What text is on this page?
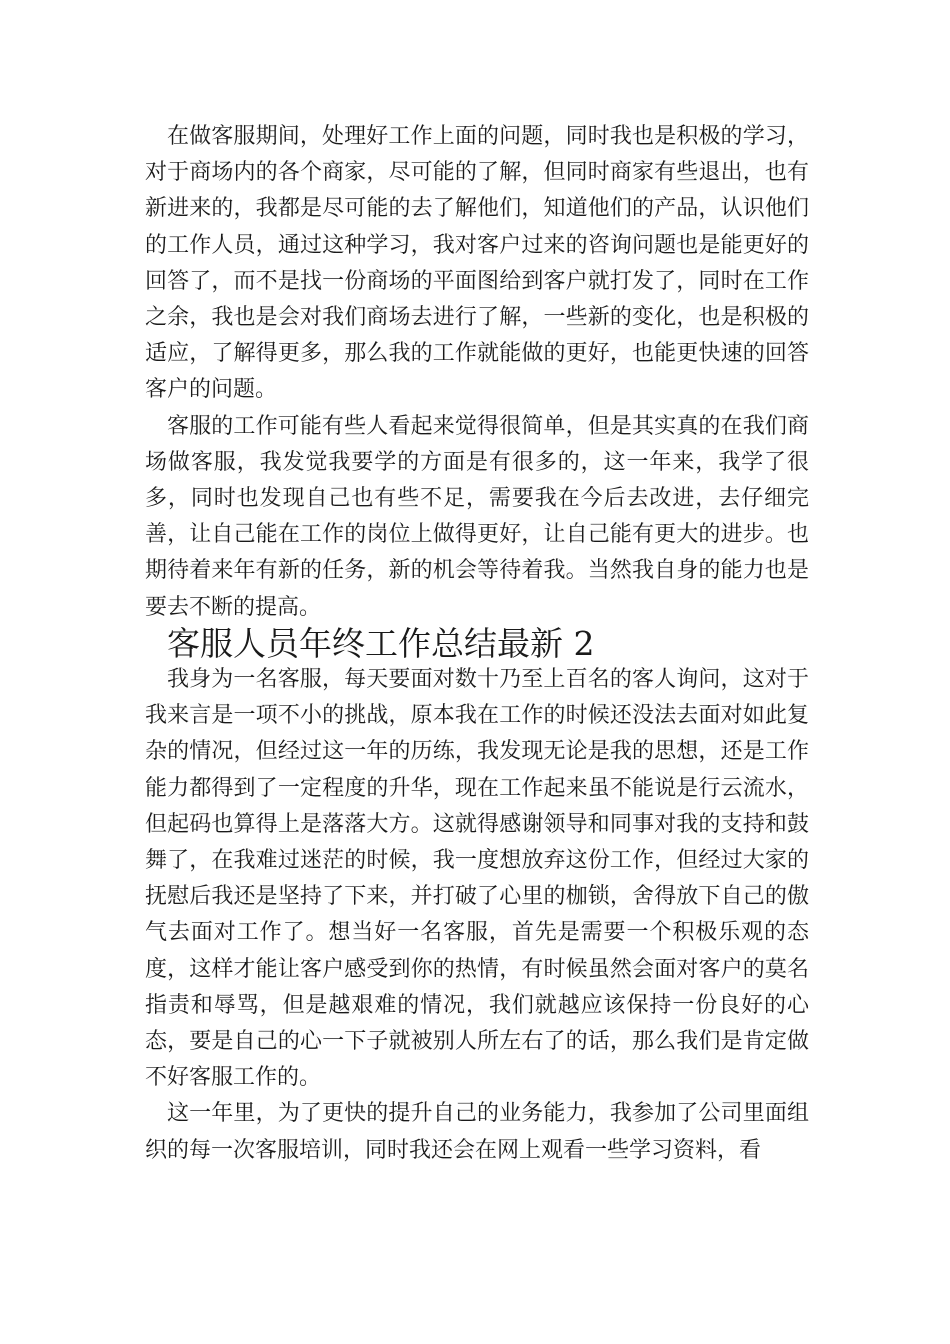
在做客服期间，处理好工作上面的问题，同时我也是积极的学习，对于商场内的各个商家，尽可能的了解，但同时商家有些退出，也有新进来的，我都是尽可能的去了解他们，知道他们的产品，认识他们的工作人员，通过这种学习，我对客户过来的咨询问题也是能更好的回答了，而不是找一份商场的平面图给到客户就打发了，同时在工作之余，我也是会对我们商场去进行了解，一些新的变化，也是积极的适应，了解得更多，那么我的工作就能做的更好，也能更快速的回答客户的问题。

客服的工作可能有些人看起来觉得很简单，但是其实真的在我们商场做客服，我发觉我要学的方面是有很多的，这一年来，我学了很多，同时也发现自己也有些不足，需要我在今后去改进，去仔细完善，让自己能在工作的岗位上做得更好，让自己能有更大的进步。也期待着来年有新的任务，新的机会等待着我。当然我自身的能力也是要去不断的提高。

客服人员年终工作总结最新 2

我身为一名客服，每天要面对数十乃至上百名的客人询问，这对于我来言是一项不小的挑战，原本我在工作的时候还没法去面对如此复杂的情况，但经过这一年的历练，我发现无论是我的思想，还是工作能力都得到了一定程度的升华，现在工作起来虽不能说是行云流水，但起码也算得上是落落大方。这就得感谢领导和同事对我的支持和鼓舞了，在我难过迷茫的时候，我一度想放弃这份工作，但经过大家的抚慰后我还是坚持了下来，并打破了心里的枷锁，舍得放下自己的傲气去面对工作了。想当好一名客服，首先是需要一个积极乐观的态度，这样才能让客户感受到你的热情，有时候虽然会面对客户的莫名指责和辱骂，但是越艰难的情况，我们就越应该保持一份良好的心态，要是自己的心一下子就被别人所左右了的话，那么我们是肯定做不好客服工作的。

这一年里，为了更快的提升自己的业务能力，我参加了公司里面组织的每一次客服培训，同时我还会在网上观看一些学习资料，看
